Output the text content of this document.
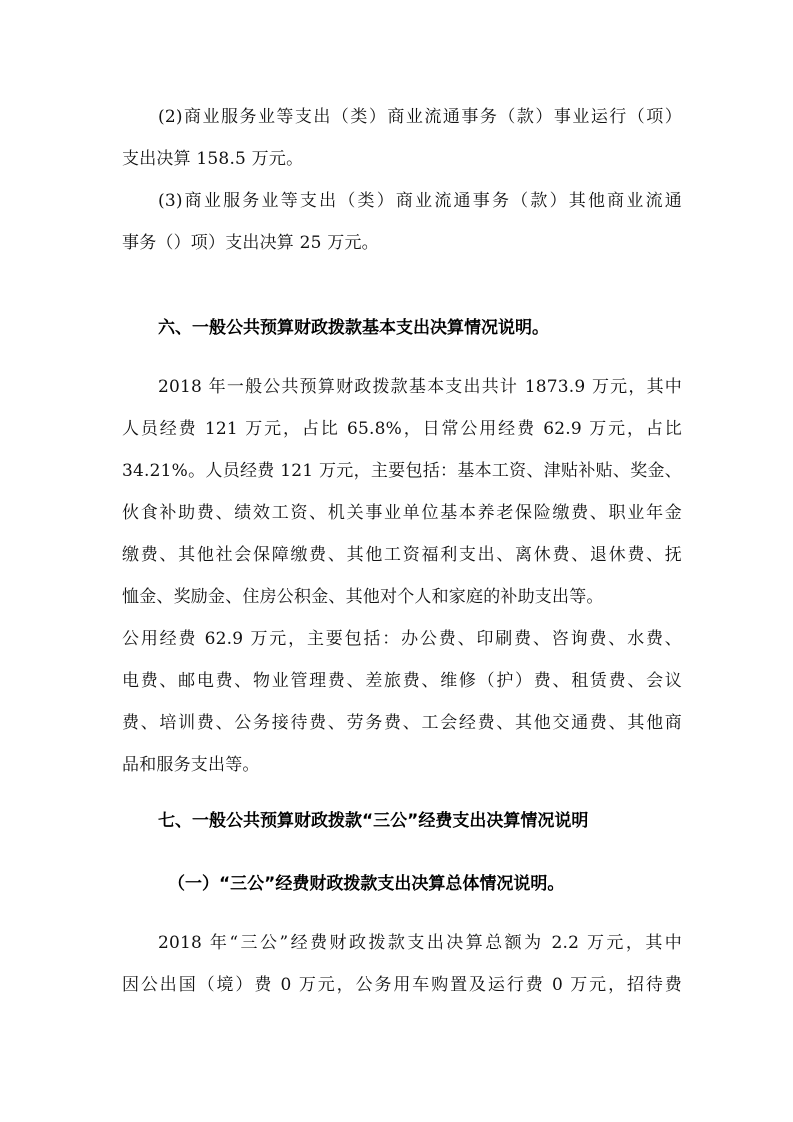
(2)商业服务业等支出（类）商业流通事务（款）事业运行（项）
支出决算 158.5 万元。
(3)商业服务业等支出（类）商业流通事务（款）其他商业流通
事务（）项）支出决算 25 万元。
六、一般公共预算财政拨款基本支出决算情况说明。
2018 年一般公共预算财政拨款基本支出共计 1873.9 万元，其中
人员经费 121 万元，占比 65.8%，日常公用经费 62.9 万元，占比
34.21%。人员经费 121 万元，主要包括：基本工资、津贴补贴、奖金、
伙食补助费、绩效工资、机关事业单位基本养老保险缴费、职业年金
缴费、其他社会保障缴费、其他工资福利支出、离休费、退休费、抚
恤金、奖励金、住房公积金、其他对个人和家庭的补助支出等。
公用经费 62.9 万元，主要包括：办公费、印刷费、咨询费、水费、
电费、邮电费、物业管理费、差旅费、维修（护）费、租赁费、会议
费、培训费、公务接待费、劳务费、工会经费、其他交通费、其他商
品和服务支出等。
七、一般公共预算财政拨款“三公”经费支出决算情况说明
（一）“三公”经费财政拨款支出决算总体情况说明。
2018 年“三公”经费财政拨款支出决算总额为 2.2 万元，其中
因公出国（境）费 0 万元，公务用车购置及运行费 0 万元，招待费
